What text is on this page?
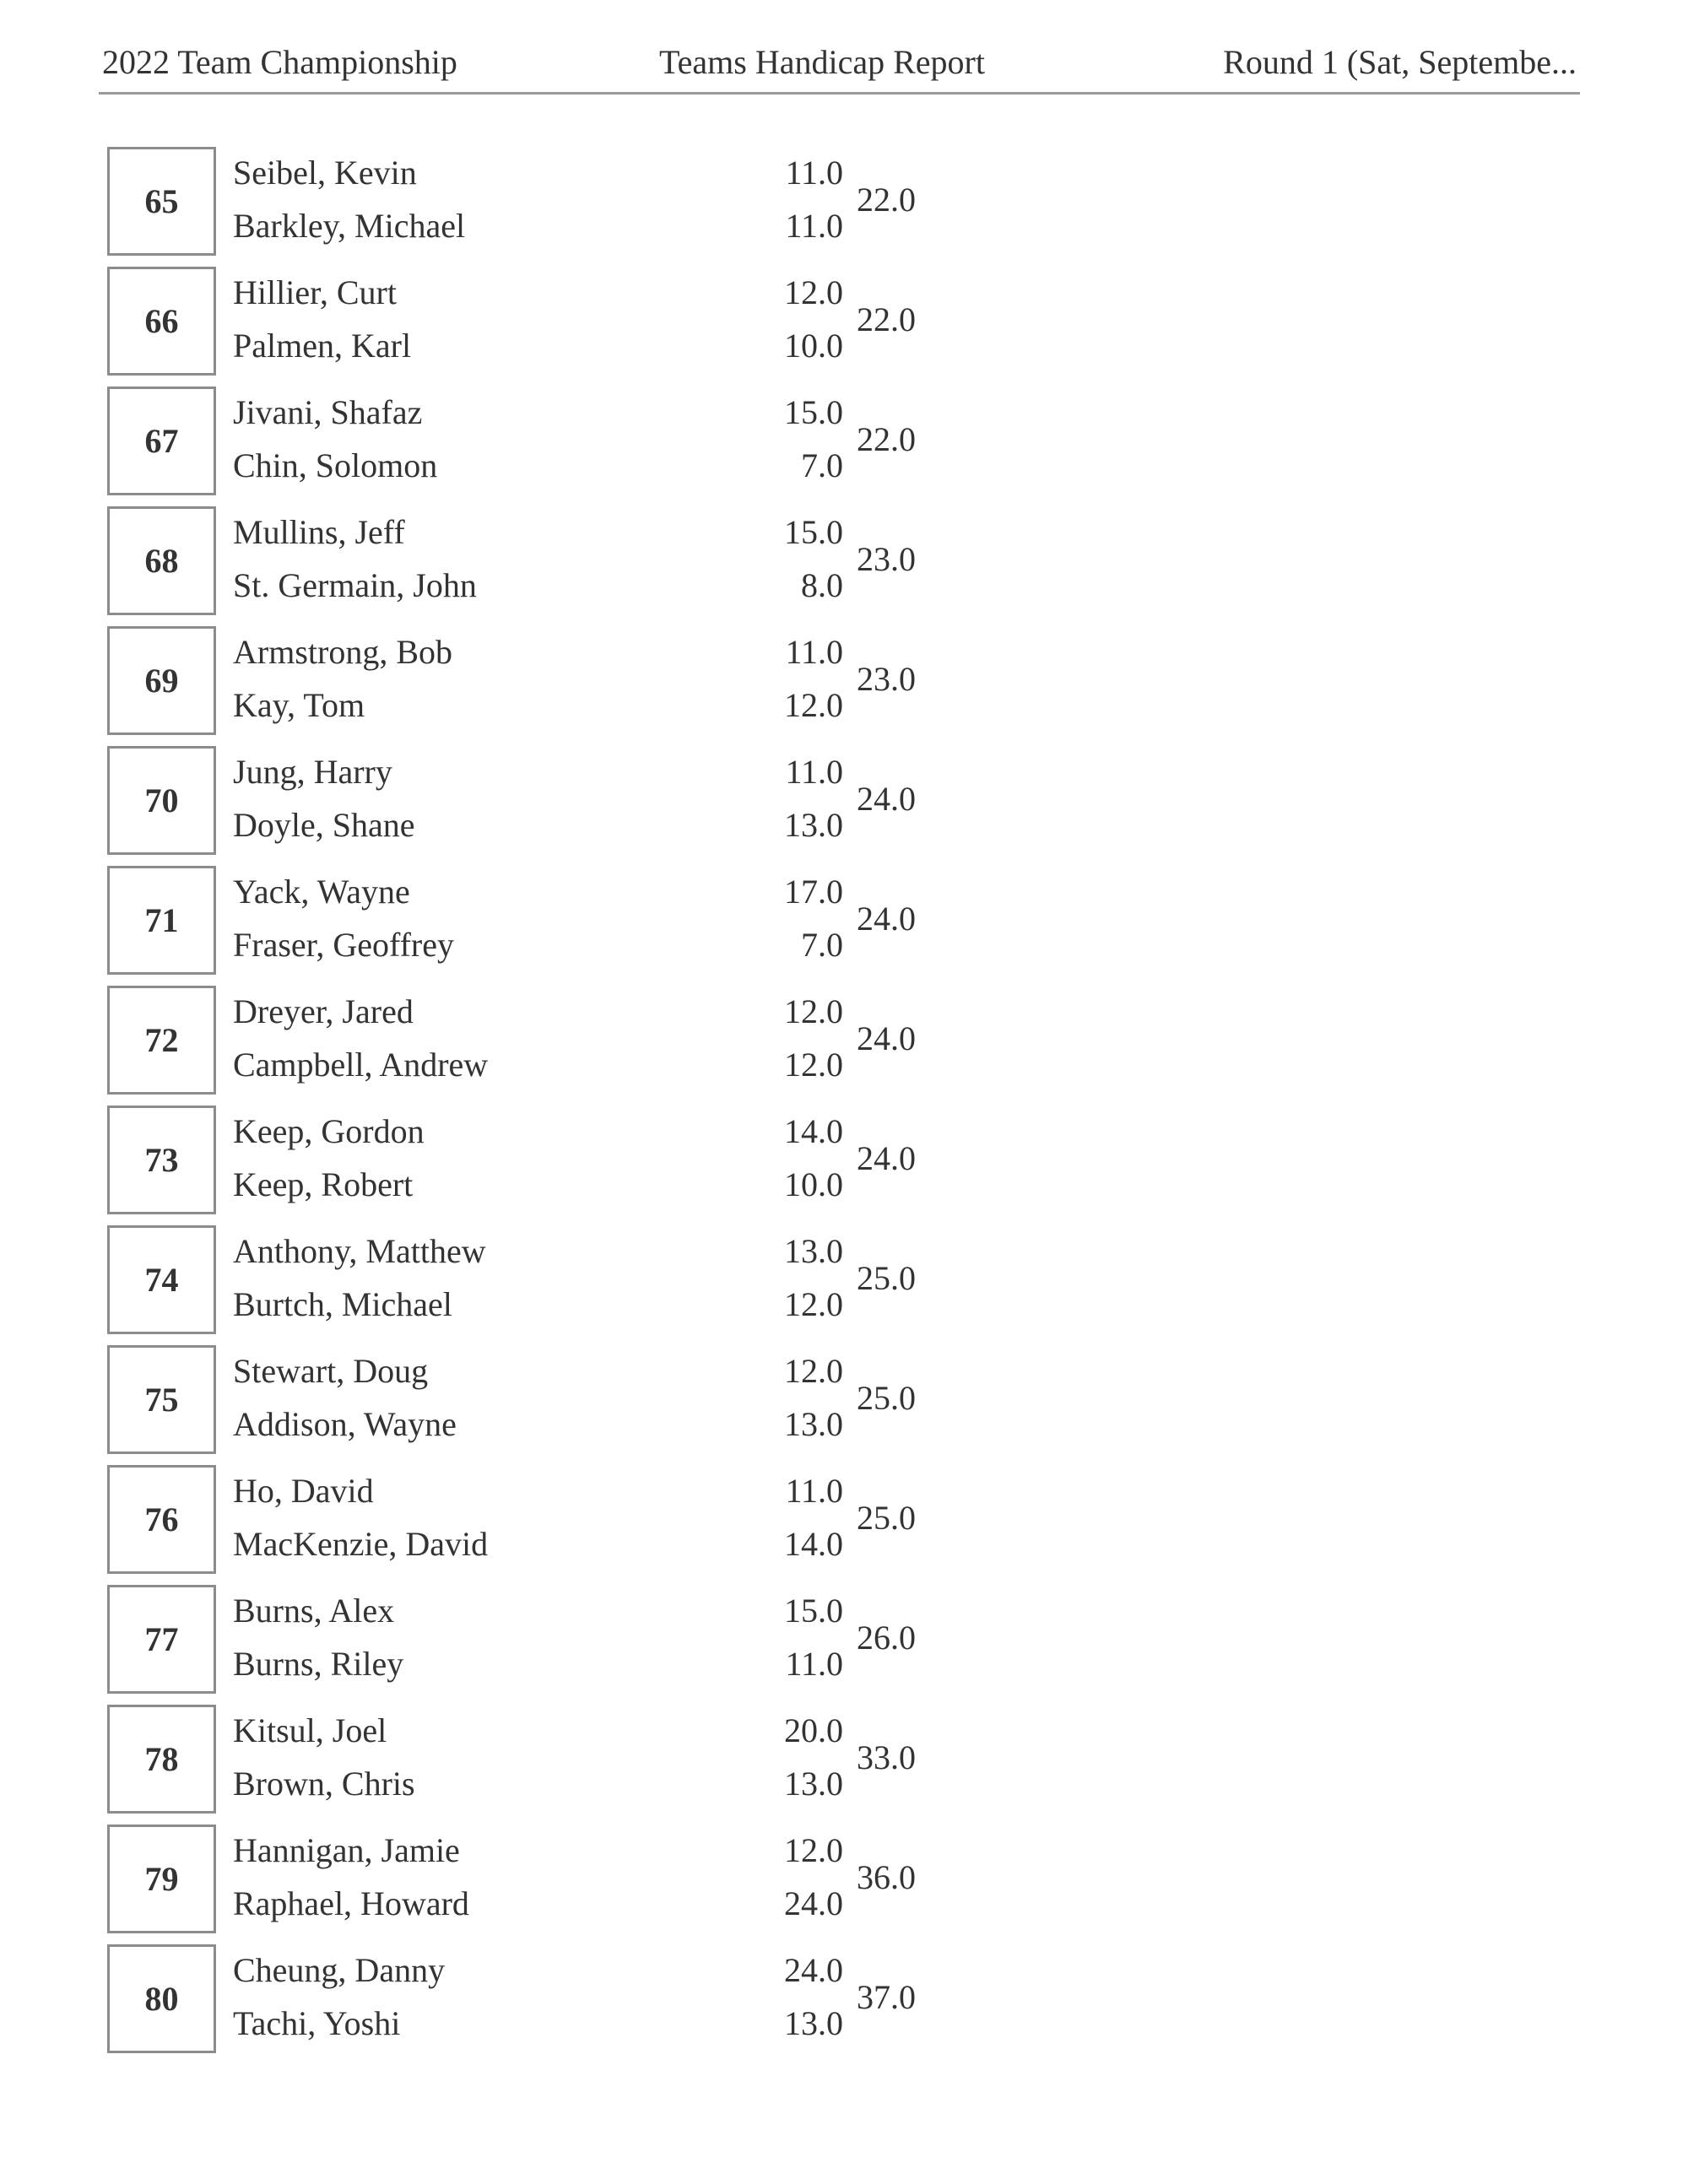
2022 Team Championship	Teams Handicap Report	Round 1 (Sat, Septembe...
65
Seibel, Kevin
Barkley, Michael
11.0
11.0
22.0
66
Hillier, Curt
Palmen, Karl
12.0
10.0
22.0
67
Jivani, Shafaz
Chin, Solomon
15.0
7.0
22.0
68
Mullins, Jeff
St. Germain, John
15.0
8.0
23.0
69
Armstrong, Bob
Kay, Tom
11.0
12.0
23.0
70
Jung, Harry
Doyle, Shane
11.0
13.0
24.0
71
Yack, Wayne
Fraser, Geoffrey
17.0
7.0
24.0
72
Dreyer, Jared
Campbell, Andrew
12.0
12.0
24.0
73
Keep, Gordon
Keep, Robert
14.0
10.0
24.0
74
Anthony, Matthew
Burtch, Michael
13.0
12.0
25.0
75
Stewart, Doug
Addison, Wayne
12.0
13.0
25.0
76
Ho, David
MacKenzie, David
11.0
14.0
25.0
77
Burns, Alex
Burns, Riley
15.0
11.0
26.0
78
Kitsul, Joel
Brown, Chris
20.0
13.0
33.0
79
Hannigan, Jamie
Raphael, Howard
12.0
24.0
36.0
80
Cheung, Danny
Tachi, Yoshi
24.0
13.0
37.0
